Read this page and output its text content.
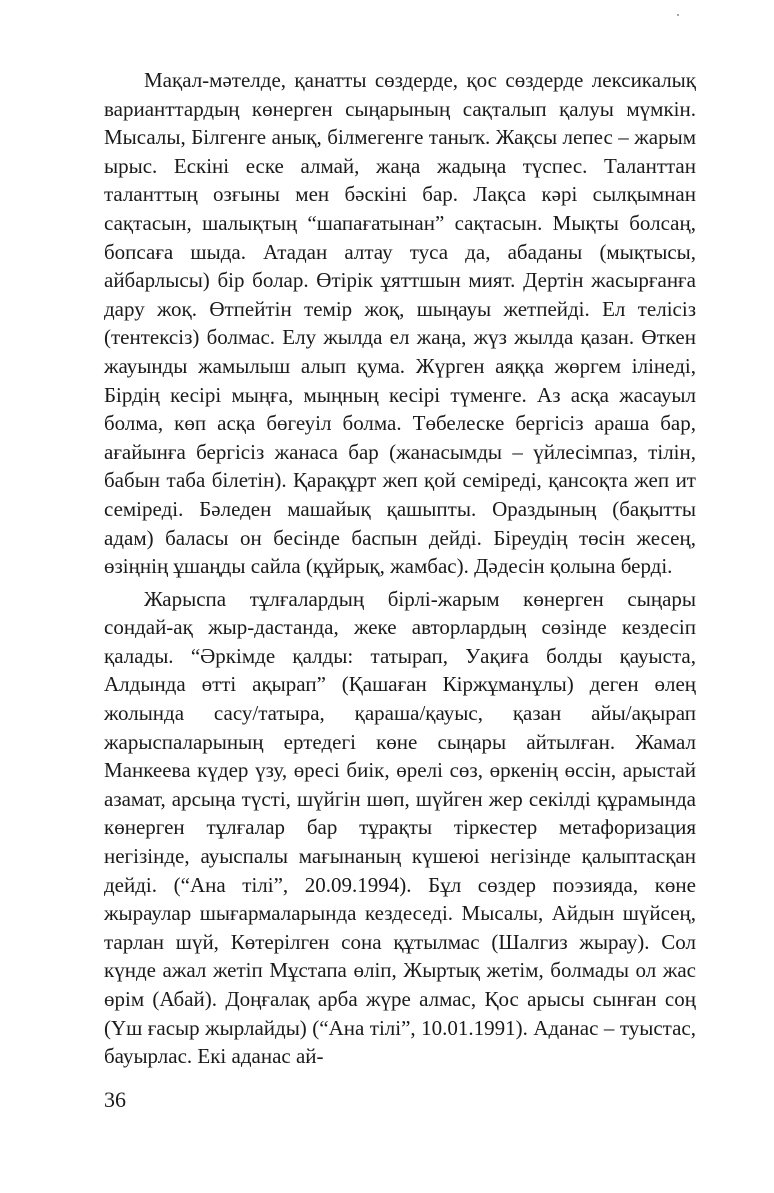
Мақал-мәтелде, қанатты сөздерде, қос сөздерде лексикалық варианттардың көнерген сыңарының сақталып қалуы мүмкін. Мысалы, Білгенге анық, білмегенге таныҡ. Жақсы лепес – жарым ырыс. Ескіні еске алмай, жаңа жадыңа түспес. Таланттан таланттың озғыны мен бәскіні бар. Лақса кәрі сылқымнан сақтасын, шалықтың “шапағатынан” сақтасын. Мықты болсаң, бопсаға шыда. Атадан алтау туса да, абаданы (мықтысы, айбарлысы) бір болар. Өтірік ұяттшын мият. Дертін жасырғанға дару жоқ. Өтпейтін темір жоқ, шыңауы жетпейді. Ел телісіз (тентексіз) болмас. Елу жылда ел жаңа, жүз жылда қазан. Өткен жауынды жамылыш алып қума. Жүрген аяққа жөргем ілінеді, Бірдің кесірі мыңға, мыңның кесірі түменге. Аз асқа жасауыл болма, көп асқа бөгеуіл болма. Төбелеске бергісіз араша бар, ағайынға бергісіз жанаса бар (жанасымды – үйлесімпаз, тілін, бабын таба білетін). Қарақұрт жеп қой семіреді, қансоқта жеп ит семіреді. Бәледен машайық қашыпты. Ораздының (бақытты адам) баласы он бесінде баспын дейді. Біреудің төсін жесең, өзіңнің ұшаңды сайла (құйрық, жамбас). Дәдесін қолына берді.

Жарыспа тұлғалардың бірлі-жарым көнерген сыңары сондай-ақ жыр-дастанда, жеке авторлардың сөзінде кездесіп қалады. “Әркімде қалды: татырап, Уақиға болды қауыста, Алдында өтті ақырап” (Қашаған Кіржұманұлы) деген өлең жолында сасу/татыра, қараша/қауыс, қазан айы/ақырап жарыспаларының ертедегі көне сыңары айтылған. Жамал Манкеева күдер үзу, өресі биік, өрелі сөз, өркенің өссін, арыстай азамат, арсыңа түсті, шүйгін шөп, шүйген жер секілді құрамында көнерген тұлғалар бар тұрақты тіркестер метафоризация негізінде, ауыспалы мағынаның күшеюі негізінде қалыптасқан дейді. (“Ана тілі”, 20.09.1994). Бұл сөздер поэзияда, көне жыраулар шығармаларында кездеседі. Мысалы, Айдын шүйсең, тарлан шүй, Көтерілген сона құтылмас (Шалгиз жырау). Сол күнде ажал жетіп Мұстапа өліп, Жыртық жетім, болмады ол жас өрім (Абай). Доңғалақ арба жүре алмас, Қос арысы сынған соң (Үш ғасыр жырлайды) (“Ана тілі”, 10.01.1991). Аданас – туыстас, бауырлас. Екі аданас ай-

36
